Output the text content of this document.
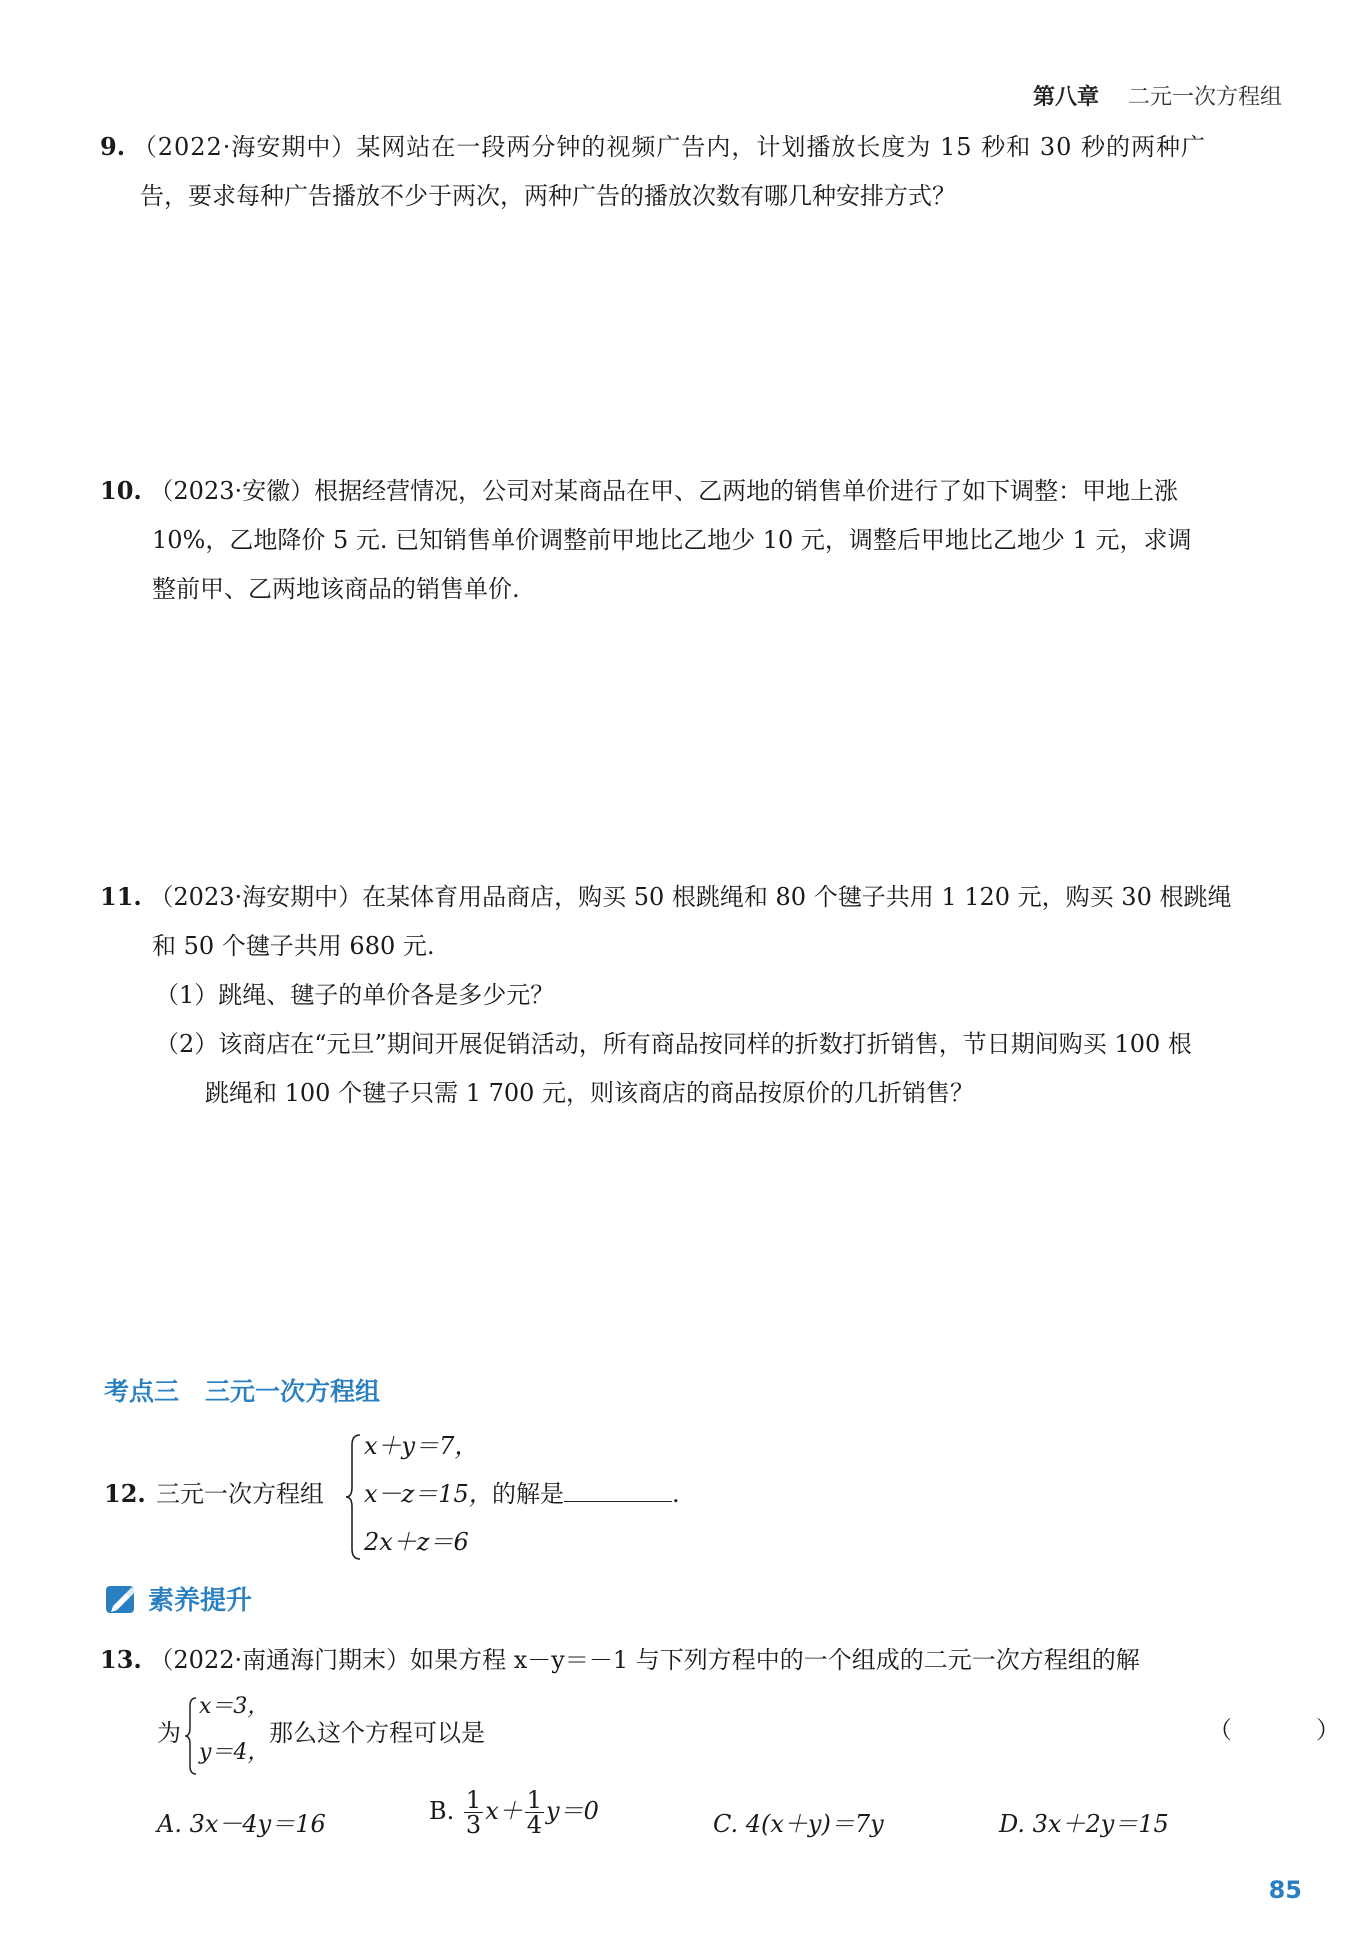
第八章 二元一次方程组
9. （2022·海安期中）某网站在一段两分钟的视频广告内，计划播放长度为 15 秒和 30 秒的两种广
告，要求每种广告播放不少于两次，两种广告的播放次数有哪几种安排方式？
10. （2023·安徽）根据经营情况，公司对某商品在甲、乙两地的销售单价进行了如下调整：甲地上涨
10%，乙地降价 5 元. 已知销售单价调整前甲地比乙地少 10 元，调整后甲地比乙地少 1 元，求调
整前甲、乙两地该商品的销售单价.
11. （2023·海安期中）在某体育用品商店，购买 50 根跳绳和 80 个毽子共用 1 120 元，购买 30 根跳绳
和 50 个毽子共用 680 元.
（1）跳绳、毽子的单价各是多少元？
（2）该商店在“元旦”期间开展促销活动，所有商品按同样的折数打折销售，节日期间购买 100 根
跳绳和 100 个毽子只需 1 700 元，则该商店的商品按原价的几折销售？
考点三 三元一次方程组
12. 三元一次方程组
x＋y＝7，
x－z＝15，
2x＋z＝6
的解是	.
素养提升
13. （2022·南通海门期末）如果方程 x－y＝－1 与下列方程中的一个组成的二元一次方程组的解
为
x＝3，
y＝4，
那么这个方程可以是	（　）
A. 3x－4y＝16	B. $\frac{1}{3} x+ \frac{1}{4} y=0$	C. 4(x＋y)＝7y	D. 3x＋2y＝15
85
